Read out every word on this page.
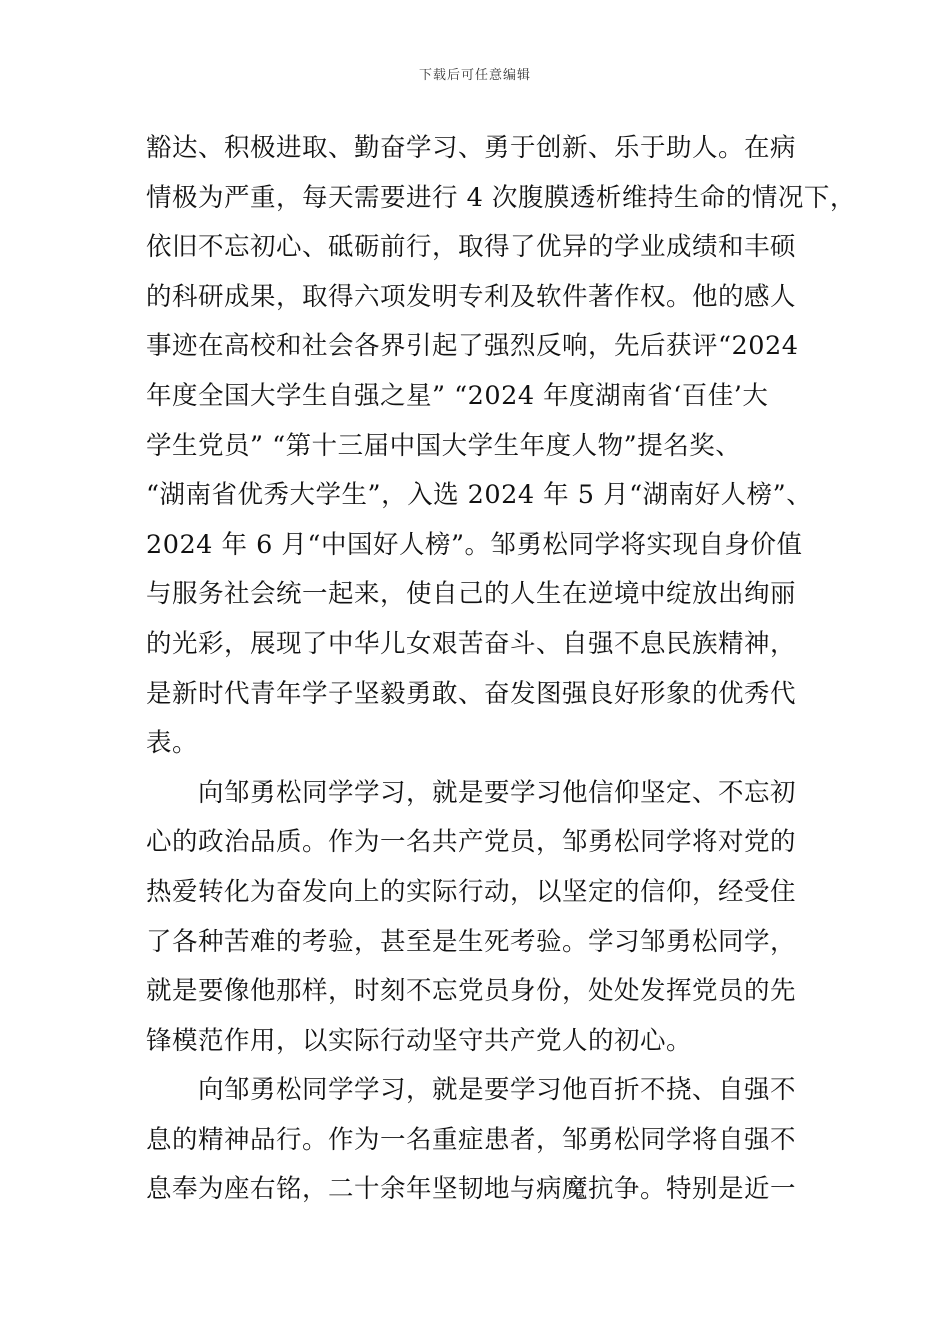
下载后可任意编辑
豁达、积极进取、勤奋学习、勇于创新、乐于助人。在病
情极为严重，每天需要进行 4 次腹膜透析维持生命的情况下，
依旧不忘初心、砥砺前行，取得了优异的学业成绩和丰硕
的科研成果，取得六项发明专利及软件著作权。他的感人
事迹在高校和社会各界引起了强烈反响，先后获评“2024
年度全国大学生自强之星” “2024 年度湖南省‘百佳’大
学生党员” “第十三届中国大学生年度人物”提名奖、
“湖南省优秀大学生”，入选 2024 年 5 月“湖南好人榜”、
2024 年 6 月“中国好人榜”。邹勇松同学将实现自身价值
与服务社会统一起来，使自己的人生在逆境中绽放出绚丽
的光彩，展现了中华儿女艰苦奋斗、自强不息民族精神，
是新时代青年学子坚毅勇敢、奋发图强良好形象的优秀代
表。
　　向邹勇松同学学习，就是要学习他信仰坚定、不忘初
心的政治品质。作为一名共产党员，邹勇松同学将对党的
热爱转化为奋发向上的实际行动，以坚定的信仰，经受住
了各种苦难的考验，甚至是生死考验。学习邹勇松同学，
就是要像他那样，时刻不忘党员身份，处处发挥党员的先
锋模范作用，以实际行动坚守共产党人的初心。
　　向邹勇松同学学习，就是要学习他百折不挠、自强不
息的精神品行。作为一名重症患者，邹勇松同学将自强不
息奉为座右铭，二十余年坚韧地与病魔抗争。特别是近一
